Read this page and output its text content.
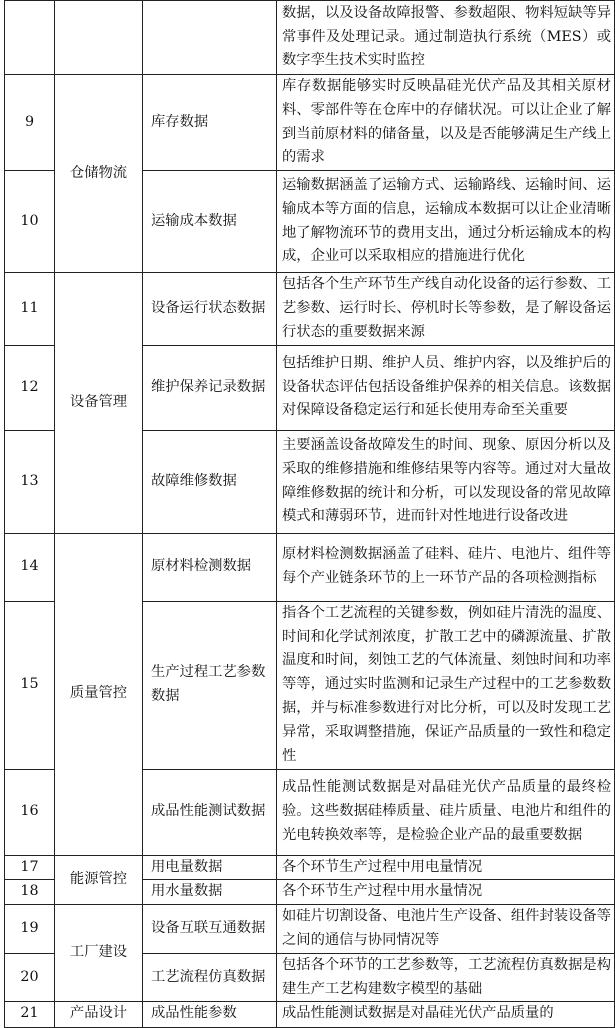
			数据，以及设备故障报警、参数超限、物料短缺等异常事件及处理记录。通过制造执行系统（MES）或数字孪生技术实时监控
9	仓储物流	库存数据	库存数据能够实时反映晶硅光伏产品及其相关原材料、零部件等在仓库中的存储状况。可以让企业了解到当前原材料的储备量，以及是否能够满足生产线上的需求
10		运输成本数据	运输数据涵盖了运输方式、运输路线、运输时间、运输成本等方面的信息，运输成本数据可以让企业清晰地了解物流环节的费用支出，通过分析运输成本的构成，企业可以采取相应的措施进行优化
11	设备管理	设备运行状态数据	包括各个生产环节生产线自动化设备的运行参数、工艺参数、运行时长、停机时长等参数，是了解设备运行状态的重要数据来源
12		维护保养记录数据	包括维护日期、维护人员、维护内容，以及维护后的设备状态评估包括设备维护保养的相关信息。该数据对保障设备稳定运行和延长使用寿命至关重要
13		故障维修数据	主要涵盖设备故障发生的时间、现象、原因分析以及采取的维修措施和维修结果等内容等。通过对大量故障维修数据的统计和分析，可以发现设备的常见故障模式和薄弱环节，进而针对性地进行设备改进
14	质量管控	原材料检测数据	原材料检测数据涵盖了硅料、硅片、电池片、组件等每个产业链条环节的上一环节产品的各项检测指标
15		生产过程工艺参数数据	指各个工艺流程的关键参数，例如硅片清洗的温度、时间和化学试剂浓度，扩散工艺中的磷源流量、扩散温度和时间，刻蚀工艺的气体流量、刻蚀时间和功率等等，通过实时监测和记录生产过程中的工艺参数数据，并与标准参数进行对比分析，可以及时发现工艺异常，采取调整措施，保证产品质量的一致性和稳定性
16		成品性能测试数据	成品性能测试数据是对晶硅光伏产品质量的最终检验。这些数据硅棒质量、硅片质量、电池片和组件的光电转换效率等，是检验企业产品的最重要数据
17	能源管控	用电量数据	各个环节生产过程中用电量情况
18		用水量数据	各个环节生产过程中用水量情况
19	工厂建设	设备互联互通数据	如硅片切割设备、电池片生产设备、组件封装设备等之间的通信与协同情况等
20		工艺流程仿真数据	包括各个环节的工艺参数等，工艺流程仿真数据是构建生产工艺构建数字模型的基础
21	产品设计	成品性能参数	成品性能测试数据是对晶硅光伏产品质量的
